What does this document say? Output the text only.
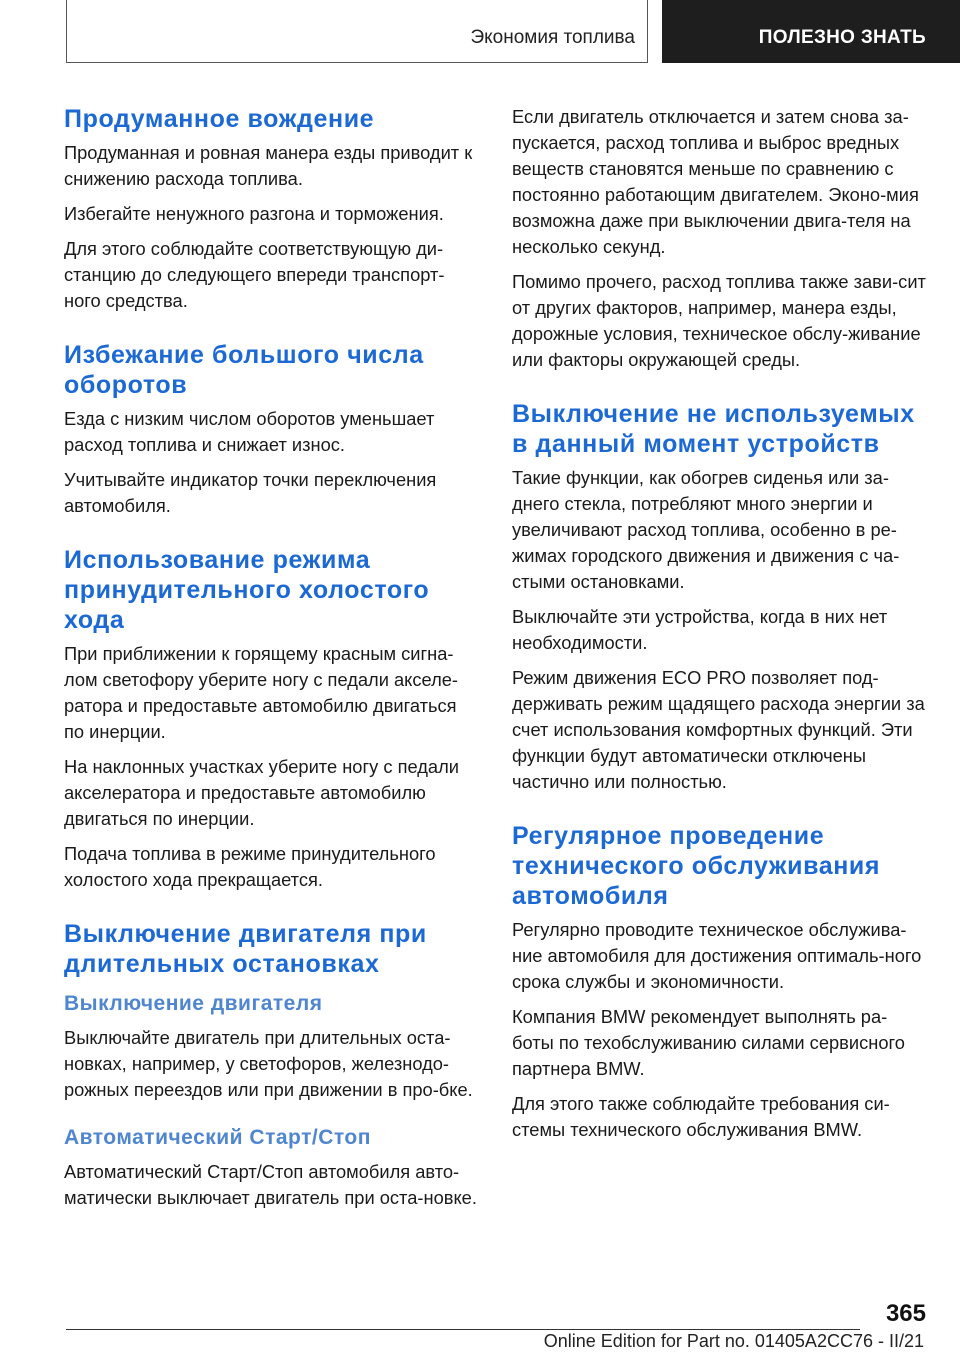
Экономия топлива	ПОЛЕЗНО ЗНАТЬ
Продуманное вождение

Продуманная и ровная манера езды приводит к снижению расхода топлива.

Избегайте ненужного разгона и торможения.

Для этого соблюдайте соответствующую ди-станцию до следующего впереди транспорт-ного средства.

Избежание большого числа оборотов

Езда с низким числом оборотов уменьшает расход топлива и снижает износ.

Учитывайте индикатор точки переключения автомобиля.

Использование режима принудительного холостого хода

При приближении к горящему красным сигна-лом светофору уберите ногу с педали акселе-ратора и предоставьте автомобилю двигаться по инерции.

На наклонных участках уберите ногу с педали акселератора и предоставьте автомобилю двигаться по инерции.

Подача топлива в режиме принудительного холостого хода прекращается.

Выключение двигателя при длительных остановках
Выключение двигателя

Выключайте двигатель при длительных оста-новках, например, у светофоров, железнодо-рожных переездов или при движении в про-бке.

Автоматический Старт/Стоп

Автоматический Старт/Стоп автомобиля авто-матически выключает двигатель при оста-новке.

Если двигатель отключается и затем снова за-пускается, расход топлива и выброс вредных веществ становятся меньше по сравнению с постоянно работающим двигателем. Эконо-мия возможна даже при выключении двига-теля на несколько секунд.

Помимо прочего, расход топлива также зави-сит от других факторов, например, манера езды, дорожные условия, техническое обслу-живание или факторы окружающей среды.

Выключение не используемых в данный момент устройств

Такие функции, как обогрев сиденья или за-днего стекла, потребляют много энергии и увеличивают расход топлива, особенно в ре-жимах городского движения и движения с ча-стыми остановками.

Выключайте эти устройства, когда в них нет необходимости.

Режим движения ECO PRO позволяет под-держивать режим щадящего расхода энергии за счет использования комфортных функций. Эти функции будут автоматически отключены частично или полностью.

Регулярное проведение технического обслуживания автомобиля

Регулярно проводите техническое обслужива-ние автомобиля для достижения оптималь-ного срока службы и экономичности.

Компания BMW рекомендует выполнять ра-боты по техобслуживанию силами сервисного партнера BMW.

Для этого также соблюдайте требования си-стемы технического обслуживания BMW.

365
Online Edition for Part no. 01405A2CC76 - II/21
